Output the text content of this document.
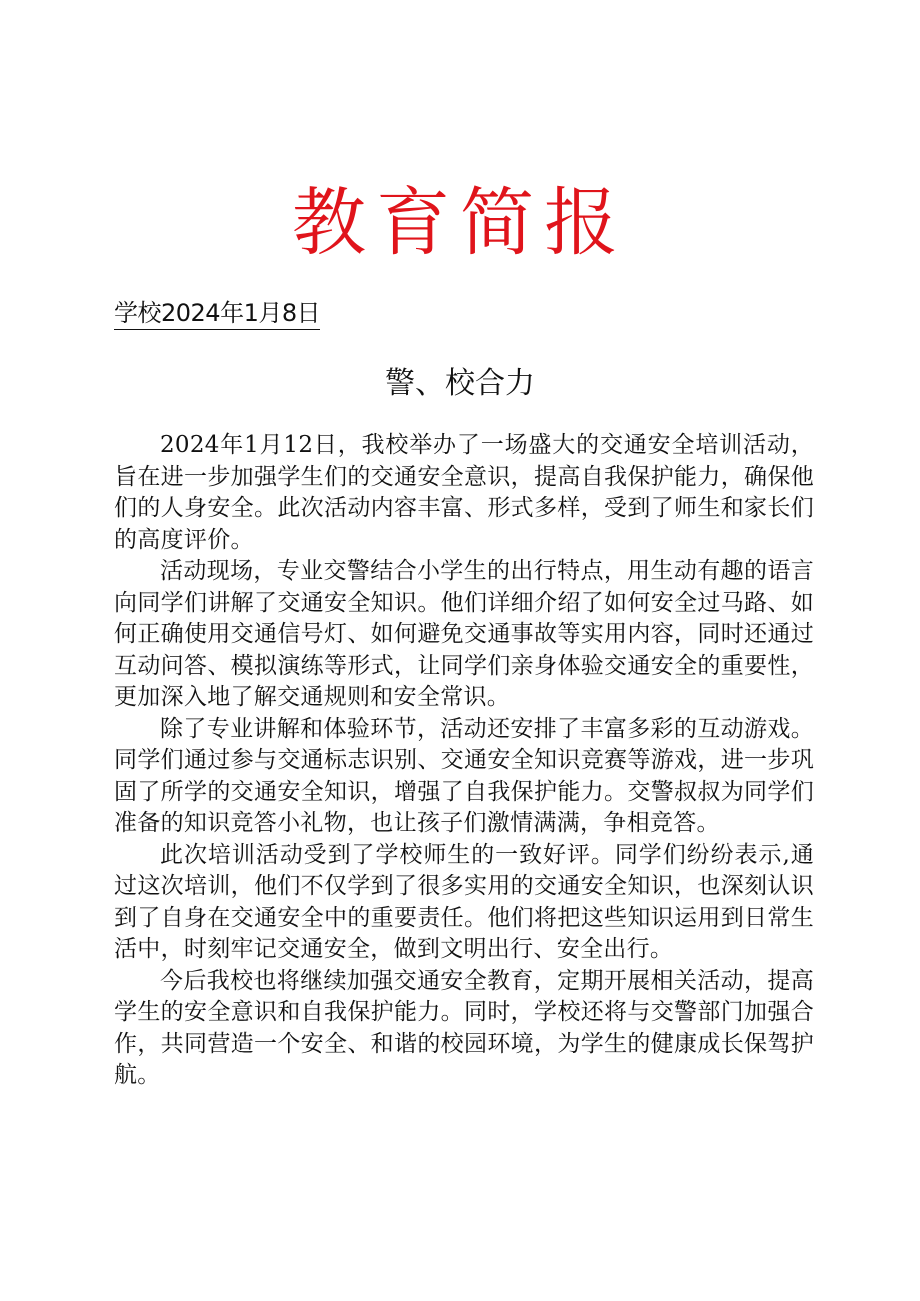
教育简报
学校2024年1月8日
警、校合力

2024年1月12日，我校举办了一场盛大的交通安全培训活动，旨在进一步加强学生们的交通安全意识，提高自我保护能力，确保他们的人身安全。此次活动内容丰富、形式多样，受到了师生和家长们的高度评价。

活动现场，专业交警结合小学生的出行特点，用生动有趣的语言向同学们讲解了交通安全知识。他们详细介绍了如何安全过马路、如何正确使用交通信号灯、如何避免交通事故等实用内容，同时还通过互动问答、模拟演练等形式，让同学们亲身体验交通安全的重要性，更加深入地了解交通规则和安全常识。

除了专业讲解和体验环节，活动还安排了丰富多彩的互动游戏。同学们通过参与交通标志识别、交通安全知识竞赛等游戏，进一步巩固了所学的交通安全知识，增强了自我保护能力。交警叔叔为同学们准备的知识竞答小礼物，也让孩子们激情满满，争相竞答。

此次培训活动受到了学校师生的一致好评。同学们纷纷表示,通过这次培训，他们不仅学到了很多实用的交通安全知识，也深刻认识到了自身在交通安全中的重要责任。他们将把这些知识运用到日常生活中，时刻牢记交通安全，做到文明出行、安全出行。

今后我校也将继续加强交通安全教育，定期开展相关活动，提高学生的安全意识和自我保护能力。同时，学校还将与交警部门加强合作，共同营造一个安全、和谐的校园环境，为学生的健康成长保驾护航。
